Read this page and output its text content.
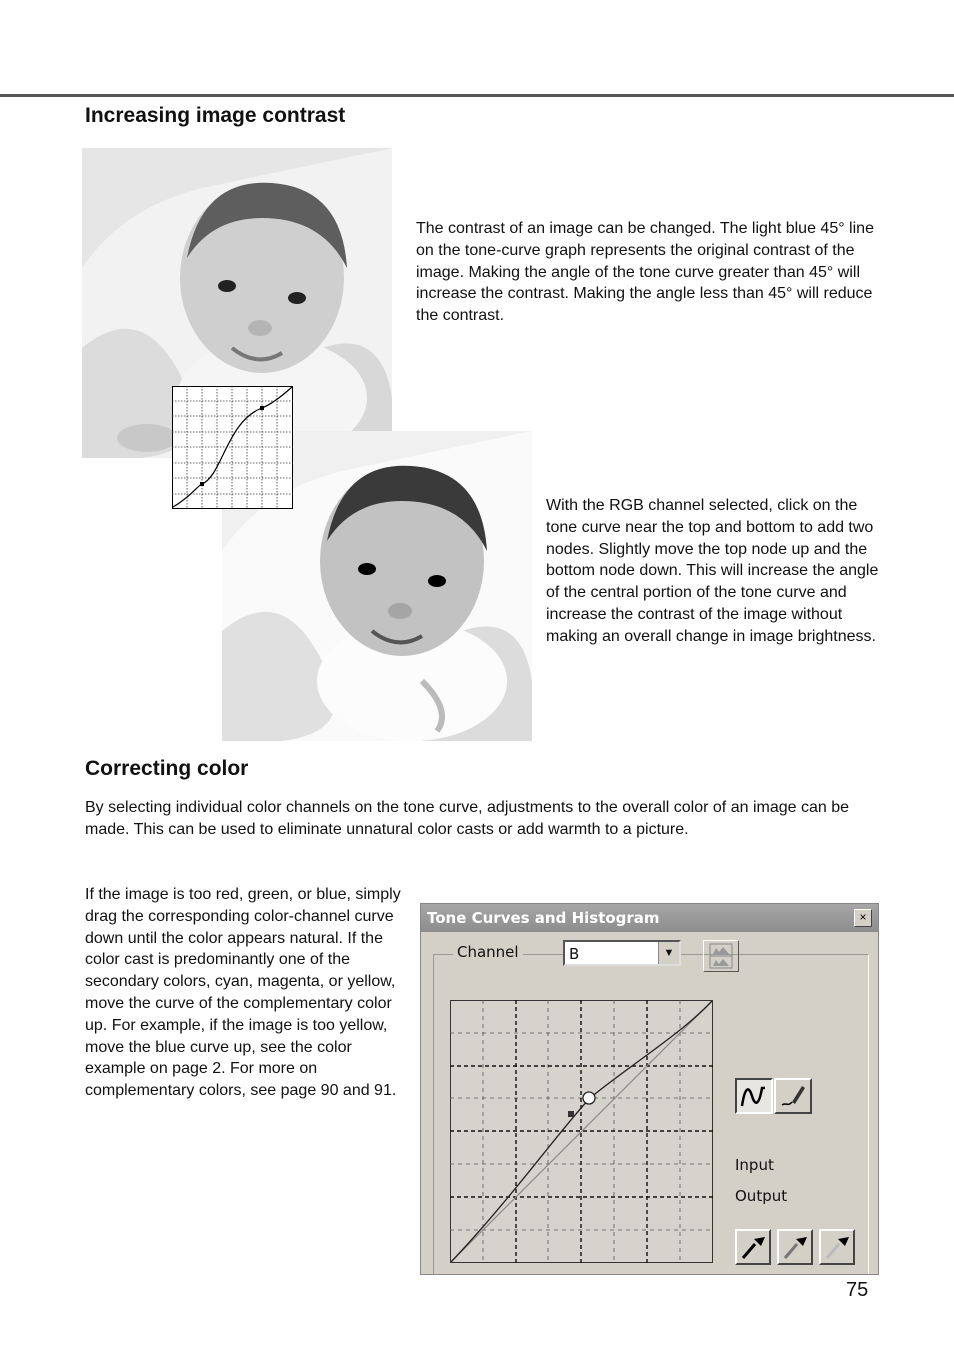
Increasing image contrast

The contrast of an image can be changed. The light blue 45° line on the tone-curve graph represents the original contrast of the image. Making the angle of the tone curve greater than 45° will increase the contrast. Making the angle less than 45° will reduce the contrast.

With the RGB channel selected, click on the tone curve near the top and bottom to add two nodes. Slightly move the top node up and the bottom node down. This will increase the angle of the central portion of the tone curve and increase the contrast of the image without making an overall change in image brightness.

Correcting color

By selecting individual color channels on the tone curve, adjustments to the overall color of an image can be made. This can be used to eliminate unnatural color casts or add warmth to a picture.

If the image is too red, green, or blue, simply drag the corresponding color-channel curve down until the color appears natural. If the color cast is predominantly one of the secondary colors, cyan, magenta, or yellow, move the curve of the complementary color up. For example, if the image is too yellow, move the blue curve up, see the color example on page 2. For more on complementary colors, see page 90 and 91.

Tone Curves and Histogram	×
Channel	B	▼
Input
Output
75
